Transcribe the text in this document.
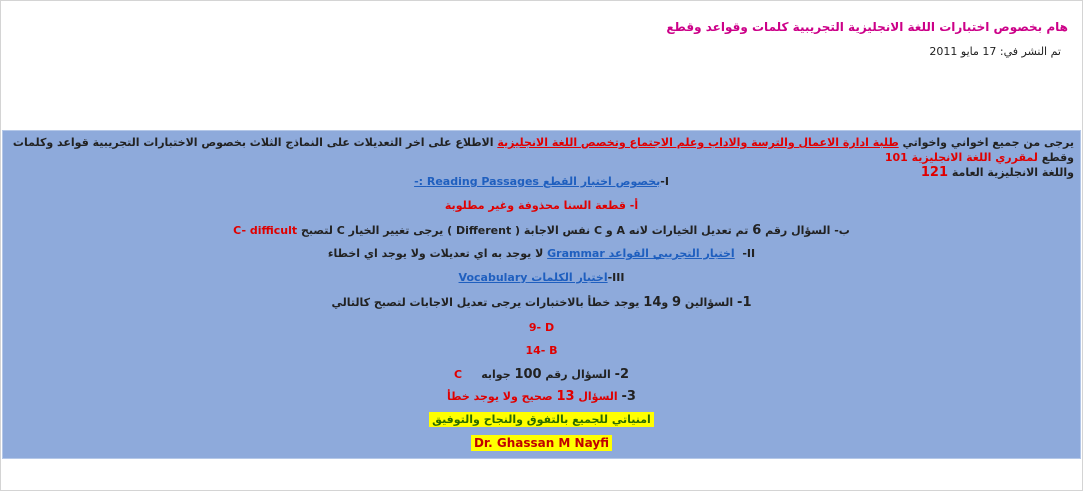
هام بخصوص اختبارات اللغة الانجليزية التجريبية كلمات وقواعد وقطع
تم النشر في: 17 مايو 2011
يرجى من جميع اخواني واخواتي طلبة ادارة الاعمال والترسة والاداب وعلم الاجتماع وتخصص اللغة الانجليزية الاطلاع على اخر التعديلات على النماذج الثلاث بخصوص الاختبارات التجريبية قواعد وكلمات وقطع لمقرري اللغة الانجليزية 101
واللغة الانجليزية العامة 121
I-بخصوص اختبار القطع Reading Passages :-
أ- قطعة السنا محذوفة وغير مطلوبة
ب- السؤال رقم 6 تم تعديل الخيارات لانه A و C نفس الاجابة ( Different ) يرجى تغيير الخيار C لتصبح C- difficult
II-  اختبار التجريبي القواعد Grammar لا يوجد به اي تعديلات ولا يوجد اي اخطاء
III-اختبار الكلمات Vocabulary
1- السؤالين 9 و14 يوجد خطأ بالاختبارات يرجى تعديل الاجابات لتصبح كالتالي
9- D
14- B
2- السؤال رقم 100 جوابه     C
3- السؤال 13 صحيح ولا يوجد خطأ
امنياتي للجميع بالتفوق والنجاح والتوفيق
Dr. Ghassan M Nayfi
